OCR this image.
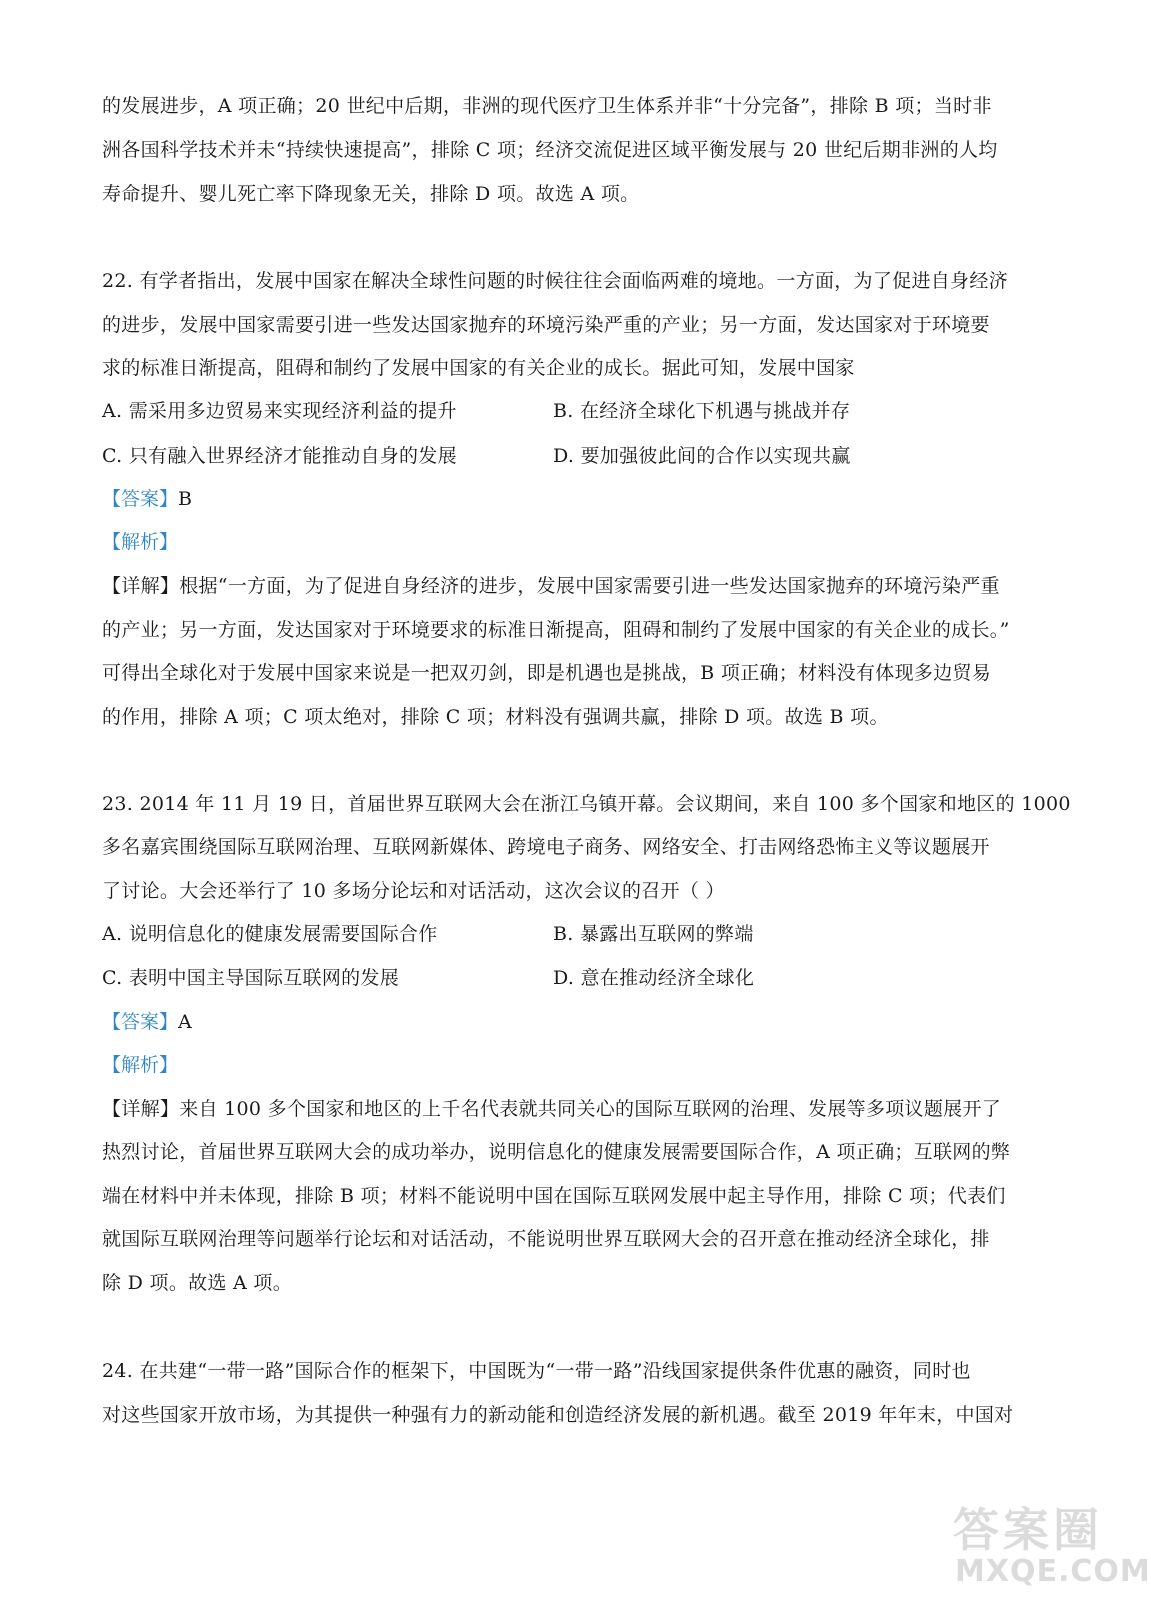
的发展进步，A 项正确；20 世纪中后期，非洲的现代医疗卫生体系并非“十分完备”，排除 B 项；当时非
洲各国科学技术并未“持续快速提高”，排除 C 项；经济交流促进区域平衡发展与 20 世纪后期非洲的人均
寿命提升、婴儿死亡率下降现象无关，排除 D 项。故选 A 项。
22. 有学者指出，发展中国家在解决全球性问题的时候往往会面临两难的境地。一方面，为了促进自身经济
的进步，发展中国家需要引进一些发达国家抛弃的环境污染严重的产业；另一方面，发达国家对于环境要
求的标准日渐提高，阻碍和制约了发展中国家的有关企业的成长。据此可知，发展中国家
A. 需采用多边贸易来实现经济利益的提升	B. 在经济全球化下机遇与挑战并存
C. 只有融入世界经济才能推动自身的发展	D. 要加强彼此间的合作以实现共赢
【答案】B
【解析】
【详解】根据“一方面，为了促进自身经济的进步，发展中国家需要引进一些发达国家抛弃的环境污染严重
的产业；另一方面，发达国家对于环境要求的标准日渐提高，阻碍和制约了发展中国家的有关企业的成长。”
可得出全球化对于发展中国家来说是一把双刃剑，即是机遇也是挑战，B 项正确；材料没有体现多边贸易
的作用，排除 A 项；C 项太绝对，排除 C 项；材料没有强调共赢，排除 D 项。故选 B 项。
23. 2014 年 11 月 19 日，首届世界互联网大会在浙江乌镇开幕。会议期间，来自 100 多个国家和地区的 1000
多名嘉宾围绕国际互联网治理、互联网新媒体、跨境电子商务、网络安全、打击网络恐怖主义等议题展开
了讨论。大会还举行了 10 多场分论坛和对话活动，这次会议的召开（ ）
A. 说明信息化的健康发展需要国际合作	B. 暴露出互联网的弊端
C. 表明中国主导国际互联网的发展	D. 意在推动经济全球化
【答案】A
【解析】
【详解】来自 100 多个国家和地区的上千名代表就共同关心的国际互联网的治理、发展等多项议题展开了
热烈讨论，首届世界互联网大会的成功举办，说明信息化的健康发展需要国际合作，A 项正确；互联网的弊
端在材料中并未体现，排除 B 项；材料不能说明中国在国际互联网发展中起主导作用，排除 C 项；代表们
就国际互联网治理等问题举行论坛和对话活动，不能说明世界互联网大会的召开意在推动经济全球化，排
除 D 项。故选 A 项。
24. 在共建“一带一路”国际合作的框架下，中国既为“一带一路”沿线国家提供条件优惠的融资，同时也
对这些国家开放市场，为其提供一种强有力的新动能和创造经济发展的新机遇。截至 2019 年年末，中国对
答案圈
MXQE.COM
